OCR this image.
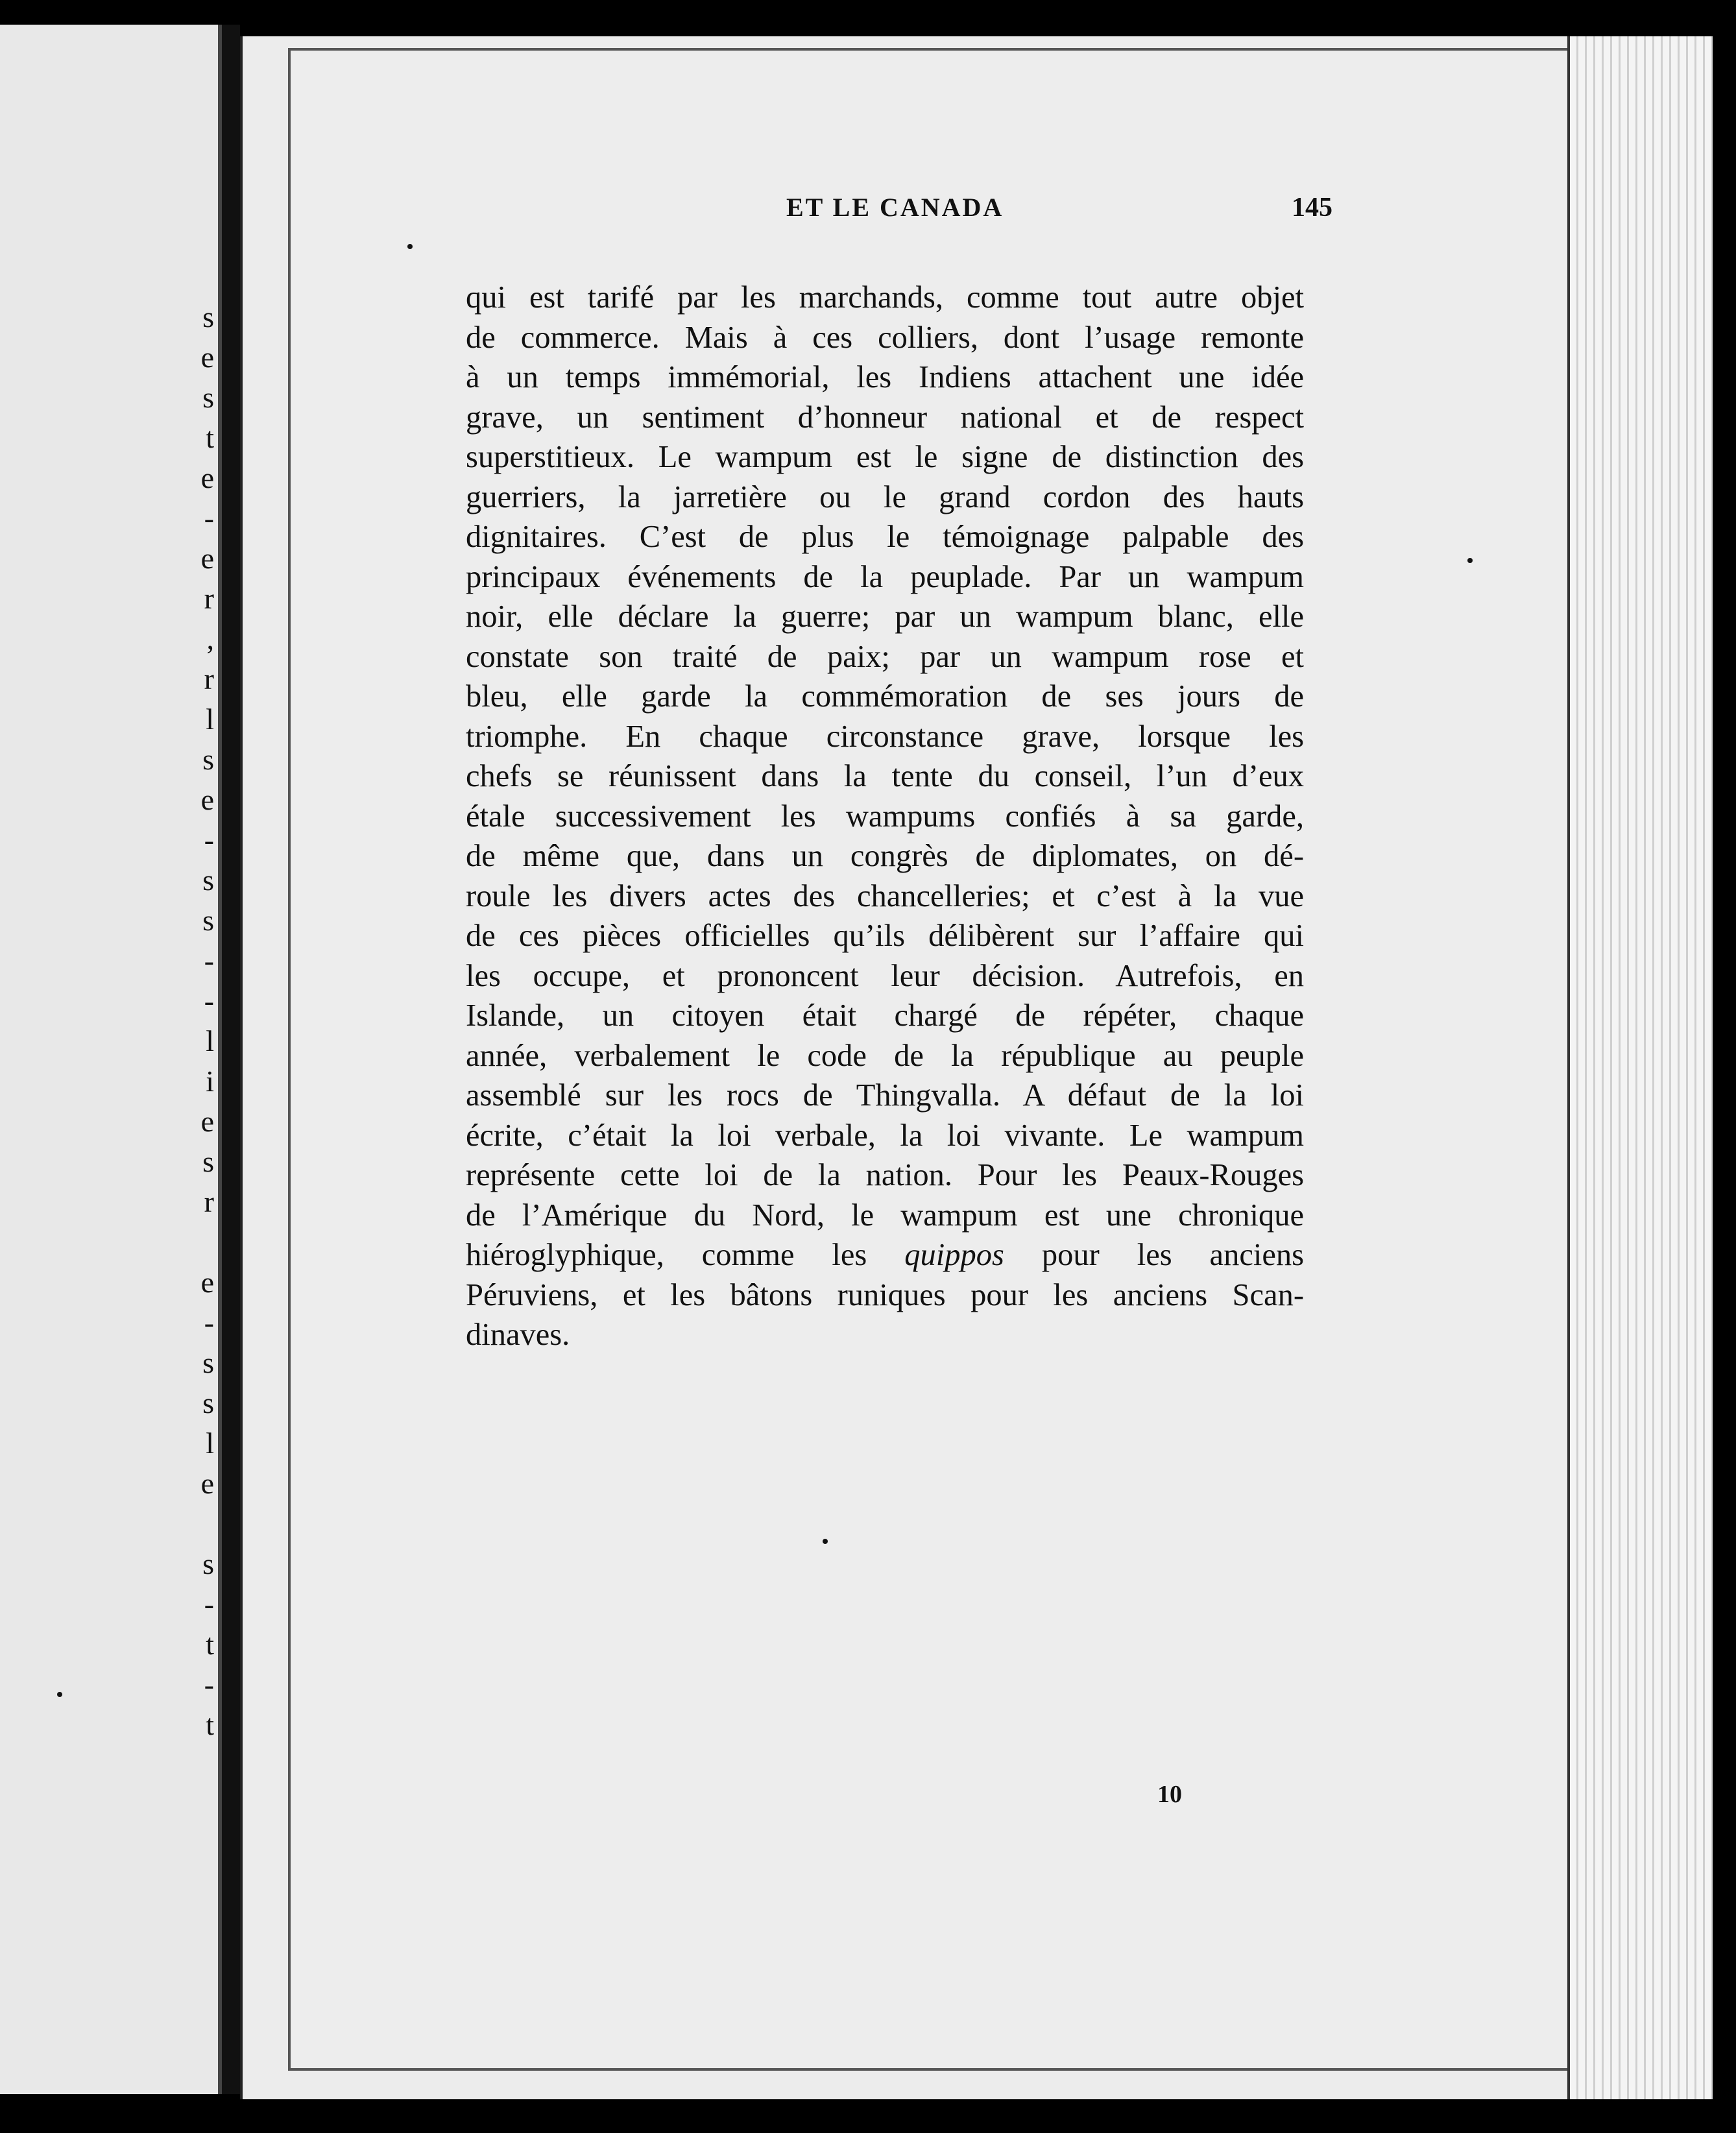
s
e
s
t
e
-
e
r
,
r
l
s
e
-
s
s
-
-
l
i
e
s
r

e
-
s
s
l
e

s
-
t
-
t
ET LE CANADA	145
qui est tarifé par les marchands, comme tout autre objet
de commerce. Mais à ces colliers, dont l’usage remonte
à un temps immémorial, les Indiens attachent une idée
grave, un sentiment d’honneur national et de respect
superstitieux. Le wampum est le signe de distinction des
guerriers, la jarretière ou le grand cordon des hauts
dignitaires. C’est de plus le témoignage palpable des
principaux événements de la peuplade. Par un wampum
noir, elle déclare la guerre; par un wampum blanc, elle
constate son traité de paix; par un wampum rose et
bleu, elle garde la commémoration de ses jours de
triomphe. En chaque circonstance grave, lorsque les
chefs se réunissent dans la tente du conseil, l’un d’eux
étale successivement les wampums confiés à sa garde,
de même que, dans un congrès de diplomates, on dé-
roule les divers actes des chancelleries; et c’est à la vue
de ces pièces officielles qu’ils délibèrent sur l’affaire qui
les occupe, et prononcent leur décision. Autrefois, en
Islande, un citoyen était chargé de répéter, chaque
année, verbalement le code de la république au peuple
assemblé sur les rocs de Thingvalla. A défaut de la loi
écrite, c’était la loi verbale, la loi vivante. Le wampum
représente cette loi de la nation. Pour les Peaux-Rouges
de l’Amérique du Nord, le wampum est une chronique
hiéroglyphique, comme les quippos pour les anciens
Péruviens, et les bâtons runiques pour les anciens Scan-
dinaves.
10
